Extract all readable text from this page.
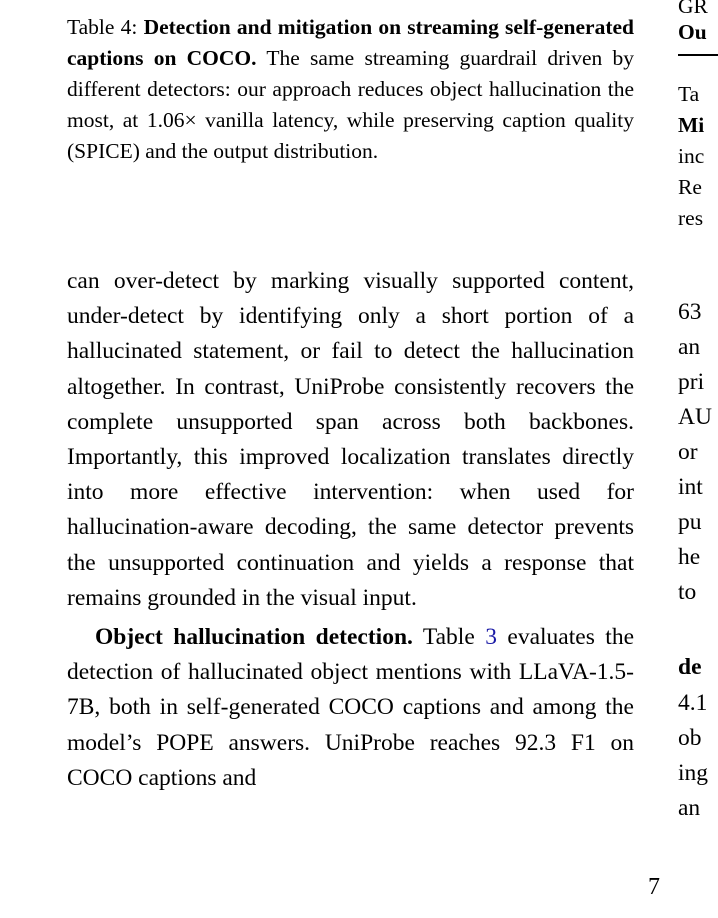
Table 4: Detection and mitigation on streaming self-generated captions on COCO. The same streaming guardrail driven by different detectors: our approach reduces object hallucination the most, at 1.06× vanilla latency, while preserving caption quality (SPICE) and the output distribution.

can over-detect by marking visually supported content, under-detect by identifying only a short portion of a hallucinated statement, or fail to detect the hallucination altogether. In contrast, UniProbe consistently recovers the complete unsupported span across both backbones. Importantly, this improved localization translates directly into more effective intervention: when used for hallucination-aware decoding, the same detector prevents the unsupported continuation and yields a response that remains grounded in the visual input.

Object hallucination detection. Table 3 evaluates the detection of hallucinated object mentions with LLaVA-1.5-7B, both in self-generated COCO captions and among the model’s POPE answers. UniProbe reaches 92.3 F1 on COCO captions and

GR
Ou
Ta
Mi
inc
Re
res
63
an
pri
AU
or
int
pu
he
to
de
4.1
ob
ing
an
7
